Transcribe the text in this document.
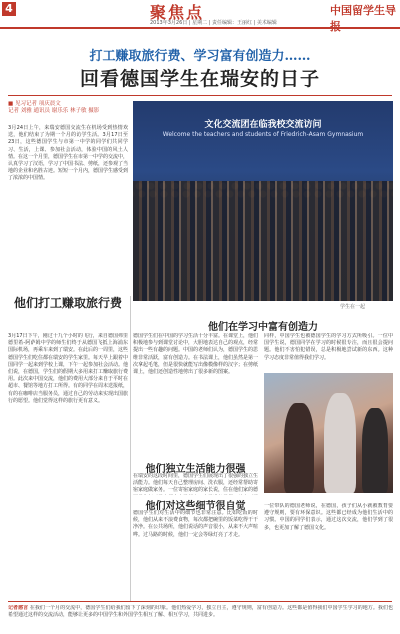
4	聚焦点	中国留学生导报
2013年3月26日 | 星期二 | 责任编辑：王丽红 | 美术编辑
打工赚取旅行费、学习富有创造力……
回看德国学生在瑞安的日子
■ 见习记者 项庆晨文
记者 刘雅 通讯员 谢乐乐 林子敏 摄影
3月24日上午，来瑞安德国交流生在机场受到热情欢送，他们结束了为期一个月的访学生活。3月17日至23日，这些德国学生与市第一中学的同学们共同学习、生活，上课、参加社会活动，体验中国的风土人情。在这一个月里，德国学生在市第一中学的交流中，认真学习了汉语，学习了中国书法、剪纸，还参观了当地的企业和名胜古迹。短短一个月内，德国学生感受到了浓浓的中国情。
文化交流团在临我校交流访问
Welcome the teachers and students of Friedrich-Asam Gymnasium
学生在一起
他们打工赚取旅行费
3月17日下午，刚过十九个小时的飞行，来自德国弗里德里希-阿萨姆中学的师生们终于从德国飞抵上海浦东国际机场，再乘车来到了瑞安。在此后的一周里，这些德国学生们吃住都在瑞安的学生家里。每天早上跟着中国同学一起来到学校上课，下午一起参加社会活动。他们说，在德国，学生们的假期大多用来打工赚取旅行费用。此次来中国交流，他们的费用大部分来自于平时在超市、餐馆等地方打工所得。有的同学在周末送报纸，有的在咖啡店当服务员，通过自己的劳动来实现出国旅行的愿望。他们觉得这样的旅行更有意义。
他们在学习中富有创造力
德国学生们在中国的学习生活十分丰富。在课堂上，他们积极地参与到课堂讨论中，大胆地表达自己的观点，经常提出一些有趣的问题。中国的老师们认为，德国学生的思维非常活跃，富有创造力。在书法课上，他们虽然是第一次拿起毛笔，但是很快就能写出像模像样的汉字；在剪纸课上，他们还创造性地剪出了很多新的图案。
同样，中国学生也被德国学生的学习方式所吸引。一位中国学生说，德国同学在学习的时候很专注，而且很会提问题。他们不害怕犯错误，总是积极地尝试新的东西。这种学习态度非常值得我们学习。
他们独立生活能力很强
他们对这些细节很自觉
德国学生们对生活中的细节也非常注意。比如吃饭的时候，他们从来不浪费食物，每次都把碗里的饭菜吃得干干净净。在公共场所，他们说话的声音很小，从来不大声喧哗。过马路的时候，他们一定会等绿灯亮了才走。
一位带队的德国老师说，在德国，孩子们从小就被教育要遵守规则，要有环保意识。这些都已经成为他们生活中的习惯。中国的同学们表示，通过这次交流，他们学到了很多，也更加了解了德国文化。
记者感言 在我们一个月的交流中，德国学生们给我们留下了深刻的印象。他们热爱学习，独立自主，遵守规则，富有创造力。这些都是值得我们中国学生学习的地方。我们也希望通过这样的交流活动，能够让更多的中国学生和外国学生相互了解、相互学习，共同进步。
在瑞安的这段时间里，德国学生们展现出了很强的独立生活能力。他们每天自己整理房间、洗衣服，还经常帮助寄宿家庭做家务。一位寄宿家庭的家长说，住在他们家的德
